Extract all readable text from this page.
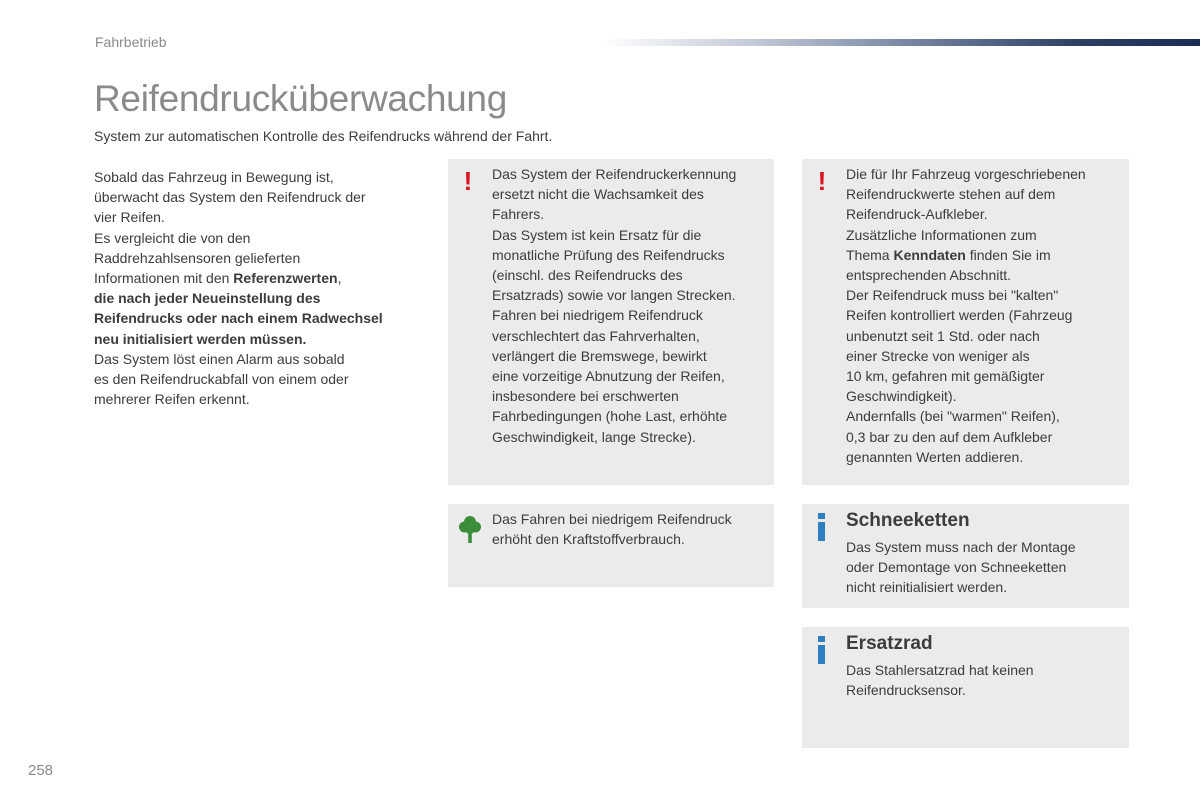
Fahrbetrieb
Reifendrucküberwachung

System zur automatischen Kontrolle des Reifendrucks während der Fahrt.

Sobald das Fahrzeug in Bewegung ist,
überwacht das System den Reifendruck der
vier Reifen.

Es vergleicht die von den
Raddrehzahlsensoren gelieferten
Informationen mit den Referenzwerten,
die nach jeder Neueinstellung des
Reifendrucks oder nach einem Radwechsel
neu initialisiert werden müssen.

Das System löst einen Alarm aus sobald
es den Reifendruckabfall von einem oder
mehrerer Reifen erkennt.

! Das System der Reifendruckerkennung
ersetzt nicht die Wachsamkeit des
Fahrers.
Das System ist kein Ersatz für die
monatliche Prüfung des Reifendrucks
(einschl. des Reifendrucks des
Ersatzrads) sowie vor langen Strecken.
Fahren bei niedrigem Reifendruck
verschlechtert das Fahrverhalten,
verlängert die Bremswege, bewirkt
eine vorzeitige Abnutzung der Reifen,
insbesondere bei erschwerten
Fahrbedingungen (hohe Last, erhöhte
Geschwindigkeit, lange Strecke).

! Die für Ihr Fahrzeug vorgeschriebenen
Reifendruckwerte stehen auf dem
Reifendruck-Aufkleber.
Zusätzliche Informationen zum
Thema Kenndaten finden Sie im
entsprechenden Abschnitt.
Der Reifendruck muss bei "kalten"
Reifen kontrolliert werden (Fahrzeug
unbenutzt seit 1 Std. oder nach
einer Strecke von weniger als
10 km, gefahren mit gemäßigter
Geschwindigkeit).
Andernfalls (bei "warmen" Reifen),
0,3 bar zu den auf dem Aufkleber
genannten Werten addieren.

Das Fahren bei niedrigem Reifendruck
erhöht den Kraftstoffverbrauch.

Schneeketten

Das System muss nach der Montage
oder Demontage von Schneeketten
nicht reinitialisiert werden.

Ersatzrad

Das Stahlersatzrad hat keinen
Reifendrucksensor.

258
